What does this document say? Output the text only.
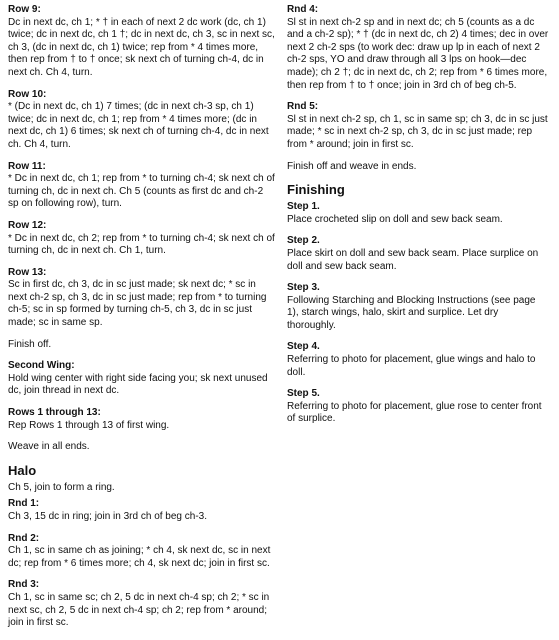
Row 9:

Dc in next dc, ch 1; * † in each of next 2 dc work (dc, ch 1) twice; dc in next dc, ch 1 †; dc in next dc, ch 3, sc in next sc, ch 3, (dc in next dc, ch 1) twice; rep from * 4 times more, then rep from † to † once; sk next ch of turning ch-4, dc in next ch. Ch 4, turn.

Row 10:

* (Dc in next dc, ch 1) 7 times; (dc in next ch-3 sp, ch 1) twice; dc in next dc, ch 1; rep from * 4 times more; (dc in next dc, ch 1) 6 times; sk next ch of turning ch-4, dc in next ch. Ch 4, turn.

Row 11:

* Dc in next dc, ch 1; rep from * to turning ch-4; sk next ch of turning ch, dc in next ch. Ch 5 (counts as first dc and ch-2 sp on following row), turn.

Row 12:

* Dc in next dc, ch 2; rep from * to turning ch-4; sk next ch of turning ch, dc in next ch. Ch 1, turn.

Row 13:

Sc in first dc, ch 3, dc in sc just made; sk next dc; * sc in next ch-2 sp, ch 3, dc in sc just made; rep from * to turning ch-5; sc in sp formed by turning ch-5, ch 3, dc in sc just made; sc in same sp.

Finish off.

Second Wing:

Hold wing center with right side facing you; sk next unused dc, join thread in next dc.

Rows 1 through 13:

Rep Rows 1 through 13 of first wing.

Weave in all ends.

Halo

Ch 5, join to form a ring.

Rnd 1:

Ch 3, 15 dc in ring; join in 3rd ch of beg ch-3.

Rnd 2:

Ch 1, sc in same ch as joining; * ch 4, sk next dc, sc in next dc; rep from * 6 times more; ch 4, sk next dc; join in first sc.

Rnd 3:

Ch 1, sc in same sc; ch 2, 5 dc in next ch-4 sp; ch 2; * sc in next sc, ch 2, 5 dc in next ch-4 sp; ch 2; rep from * around; join in first sc.

Rnd 4:

Sl st in next ch-2 sp and in next dc; ch 5 (counts as a dc and a ch-2 sp); * † (dc in next dc, ch 2) 4 times; dec in over next 2 ch-2 sps (to work dec: draw up lp in each of next 2 ch-2 sps, YO and draw through all 3 lps on hook—dec made); ch 2 †; dc in next dc, ch 2; rep from * 6 times more, then rep from † to † once; join in 3rd ch of beg ch-5.

Rnd 5:

Sl st in next ch-2 sp, ch 1, sc in same sp; ch 3, dc in sc just made; * sc in next ch-2 sp, ch 3, dc in sc just made; rep from * around; join in first sc.

Finish off and weave in ends.

Finishing
Step 1.

Place crocheted slip on doll and sew back seam.

Step 2.

Place skirt on doll and sew back seam. Place surplice on doll and sew back seam.

Step 3.

Following Starching and Blocking Instructions (see page 1), starch wings, halo, skirt and surplice. Let dry thoroughly.

Step 4.

Referring to photo for placement, glue wings and halo to doll.

Step 5.

Referring to photo for placement, glue rose to center front of surplice.
